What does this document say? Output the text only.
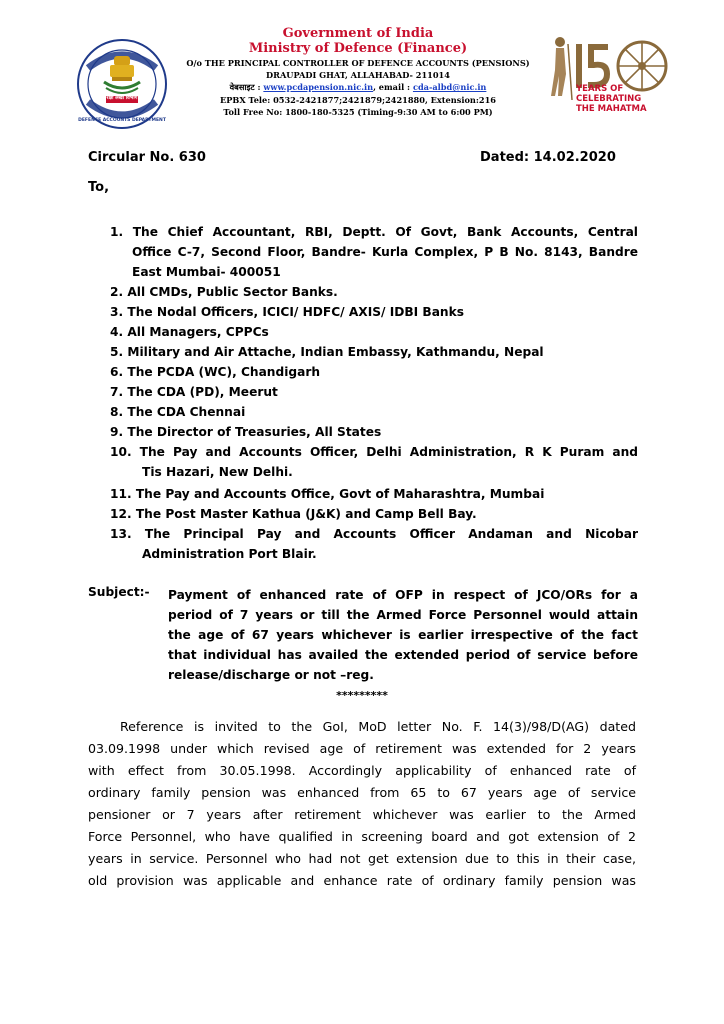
रक्षा लेखा विभाग
DEFENCE ACCOUNTS DEPARTMENT
Government of India
Ministry of Defence (Finance)
O/o THE PRINCIPAL CONTROLLER OF DEFENCE ACCOUNTS (PENSIONS)
DRAUPADI GHAT, ALLAHABAD- 211014
वेबसाइट : www.pcdapension.nic.in, email : cda-albd@nic.in
EPBX Tele: 0532-2421877;2421879;2421880, Extension:216
Toll Free No: 1800-180-5325 (Timing-9:30 AM to 6:00 PM)
YEARS OF
CELEBRATING
THE MAHATMA
Circular No. 630	Dated: 14.02.2020
To,
1. The Chief Accountant, RBI, Deptt. Of Govt, Bank Accounts, Central
Office C-7, Second Floor, Bandre- Kurla Complex, P B No. 8143, Bandre
East Mumbai- 400051
2. All CMDs, Public Sector Banks.
3. The Nodal Officers, ICICI/ HDFC/ AXIS/ IDBI Banks
4. All Managers, CPPCs
5. Military and Air Attache, Indian Embassy, Kathmandu, Nepal
6. The PCDA (WC), Chandigarh
7. The CDA (PD), Meerut
8. The CDA Chennai
9. The Director of Treasuries, All States
10. The Pay and Accounts Officer, Delhi Administration, R K Puram and
Tis Hazari, New Delhi.
11. The Pay and Accounts Office, Govt of Maharashtra, Mumbai
12. The Post Master Kathua (J&K) and Camp Bell Bay.
13. The Principal Pay and Accounts Officer Andaman and Nicobar
Administration Port Blair.
Subject:- Payment of enhanced rate of OFP in respect of JCO/ORs for a
period of 7 years or till the Armed Force Personnel would attain
the age of 67 years whichever is earlier irrespective of the fact
that individual has availed the extended period of service before
release/discharge or not –reg.
*********
Reference is invited to the GoI, MoD letter No. F. 14(3)/98/D(AG) dated
03.09.1998 under which revised age of retirement was extended for 2 years
with effect from 30.05.1998. Accordingly applicability of enhanced rate of
ordinary family pension was enhanced from 65 to 67 years age of service
pensioner or 7 years after retirement whichever was earlier to the Armed
Force Personnel, who have qualified in screening board and got extension of 2
years in service. Personnel who had not get extension due to this in their case,
old provision was applicable and enhance rate of ordinary family pension was
